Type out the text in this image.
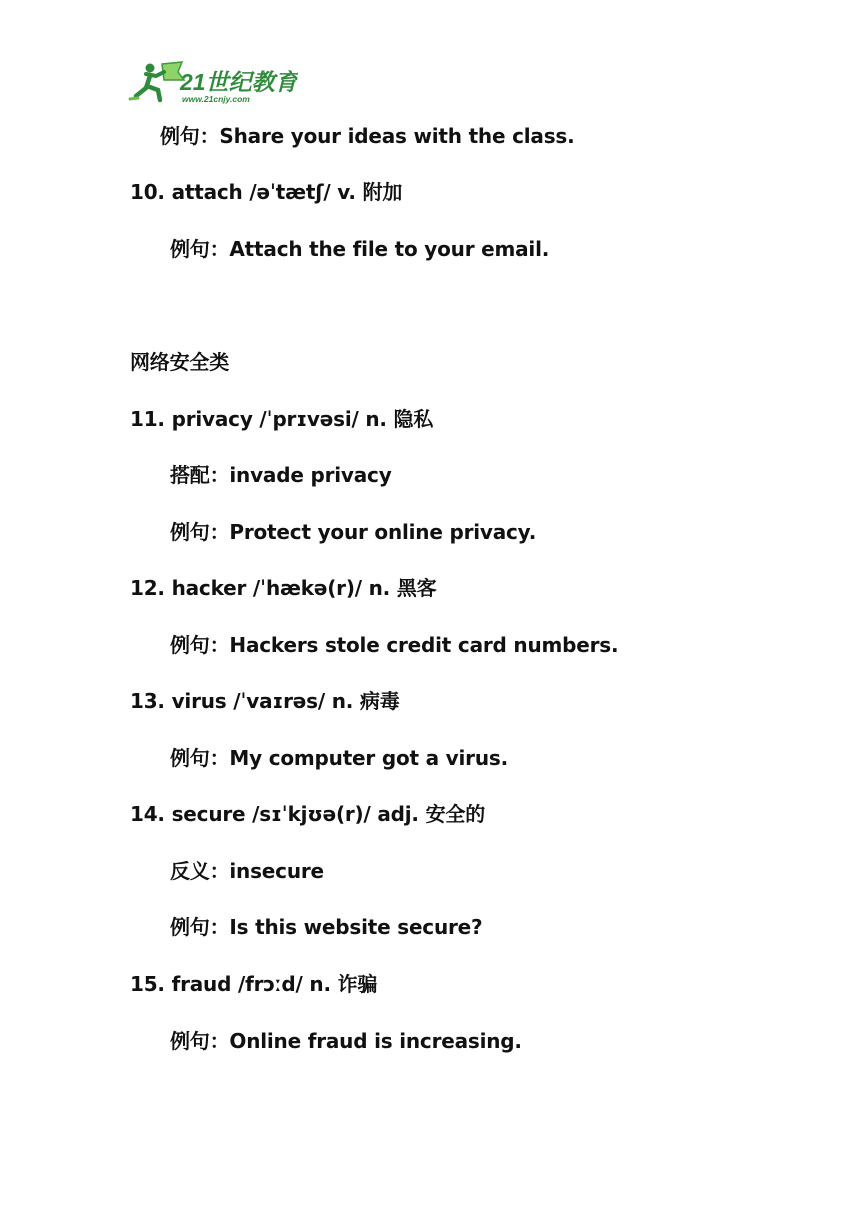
21世纪教育
www.21cnjy.com
例句：Share your ideas with the class.
10. attach /əˈtætʃ/ v. 附加
例句：Attach the file to your email.
网络安全类
11. privacy /ˈprɪvəsi/ n. 隐私
搭配：invade privacy
例句：Protect your online privacy.
12. hacker /ˈhækə(r)/ n. 黑客
例句：Hackers stole credit card numbers.
13. virus /ˈvaɪrəs/ n. 病毒
例句：My computer got a virus.
14. secure /sɪˈkjʊə(r)/ adj. 安全的
反义：insecure
例句：Is this website secure?
15. fraud /frɔːd/ n. 诈骗
例句：Online fraud is increasing.
